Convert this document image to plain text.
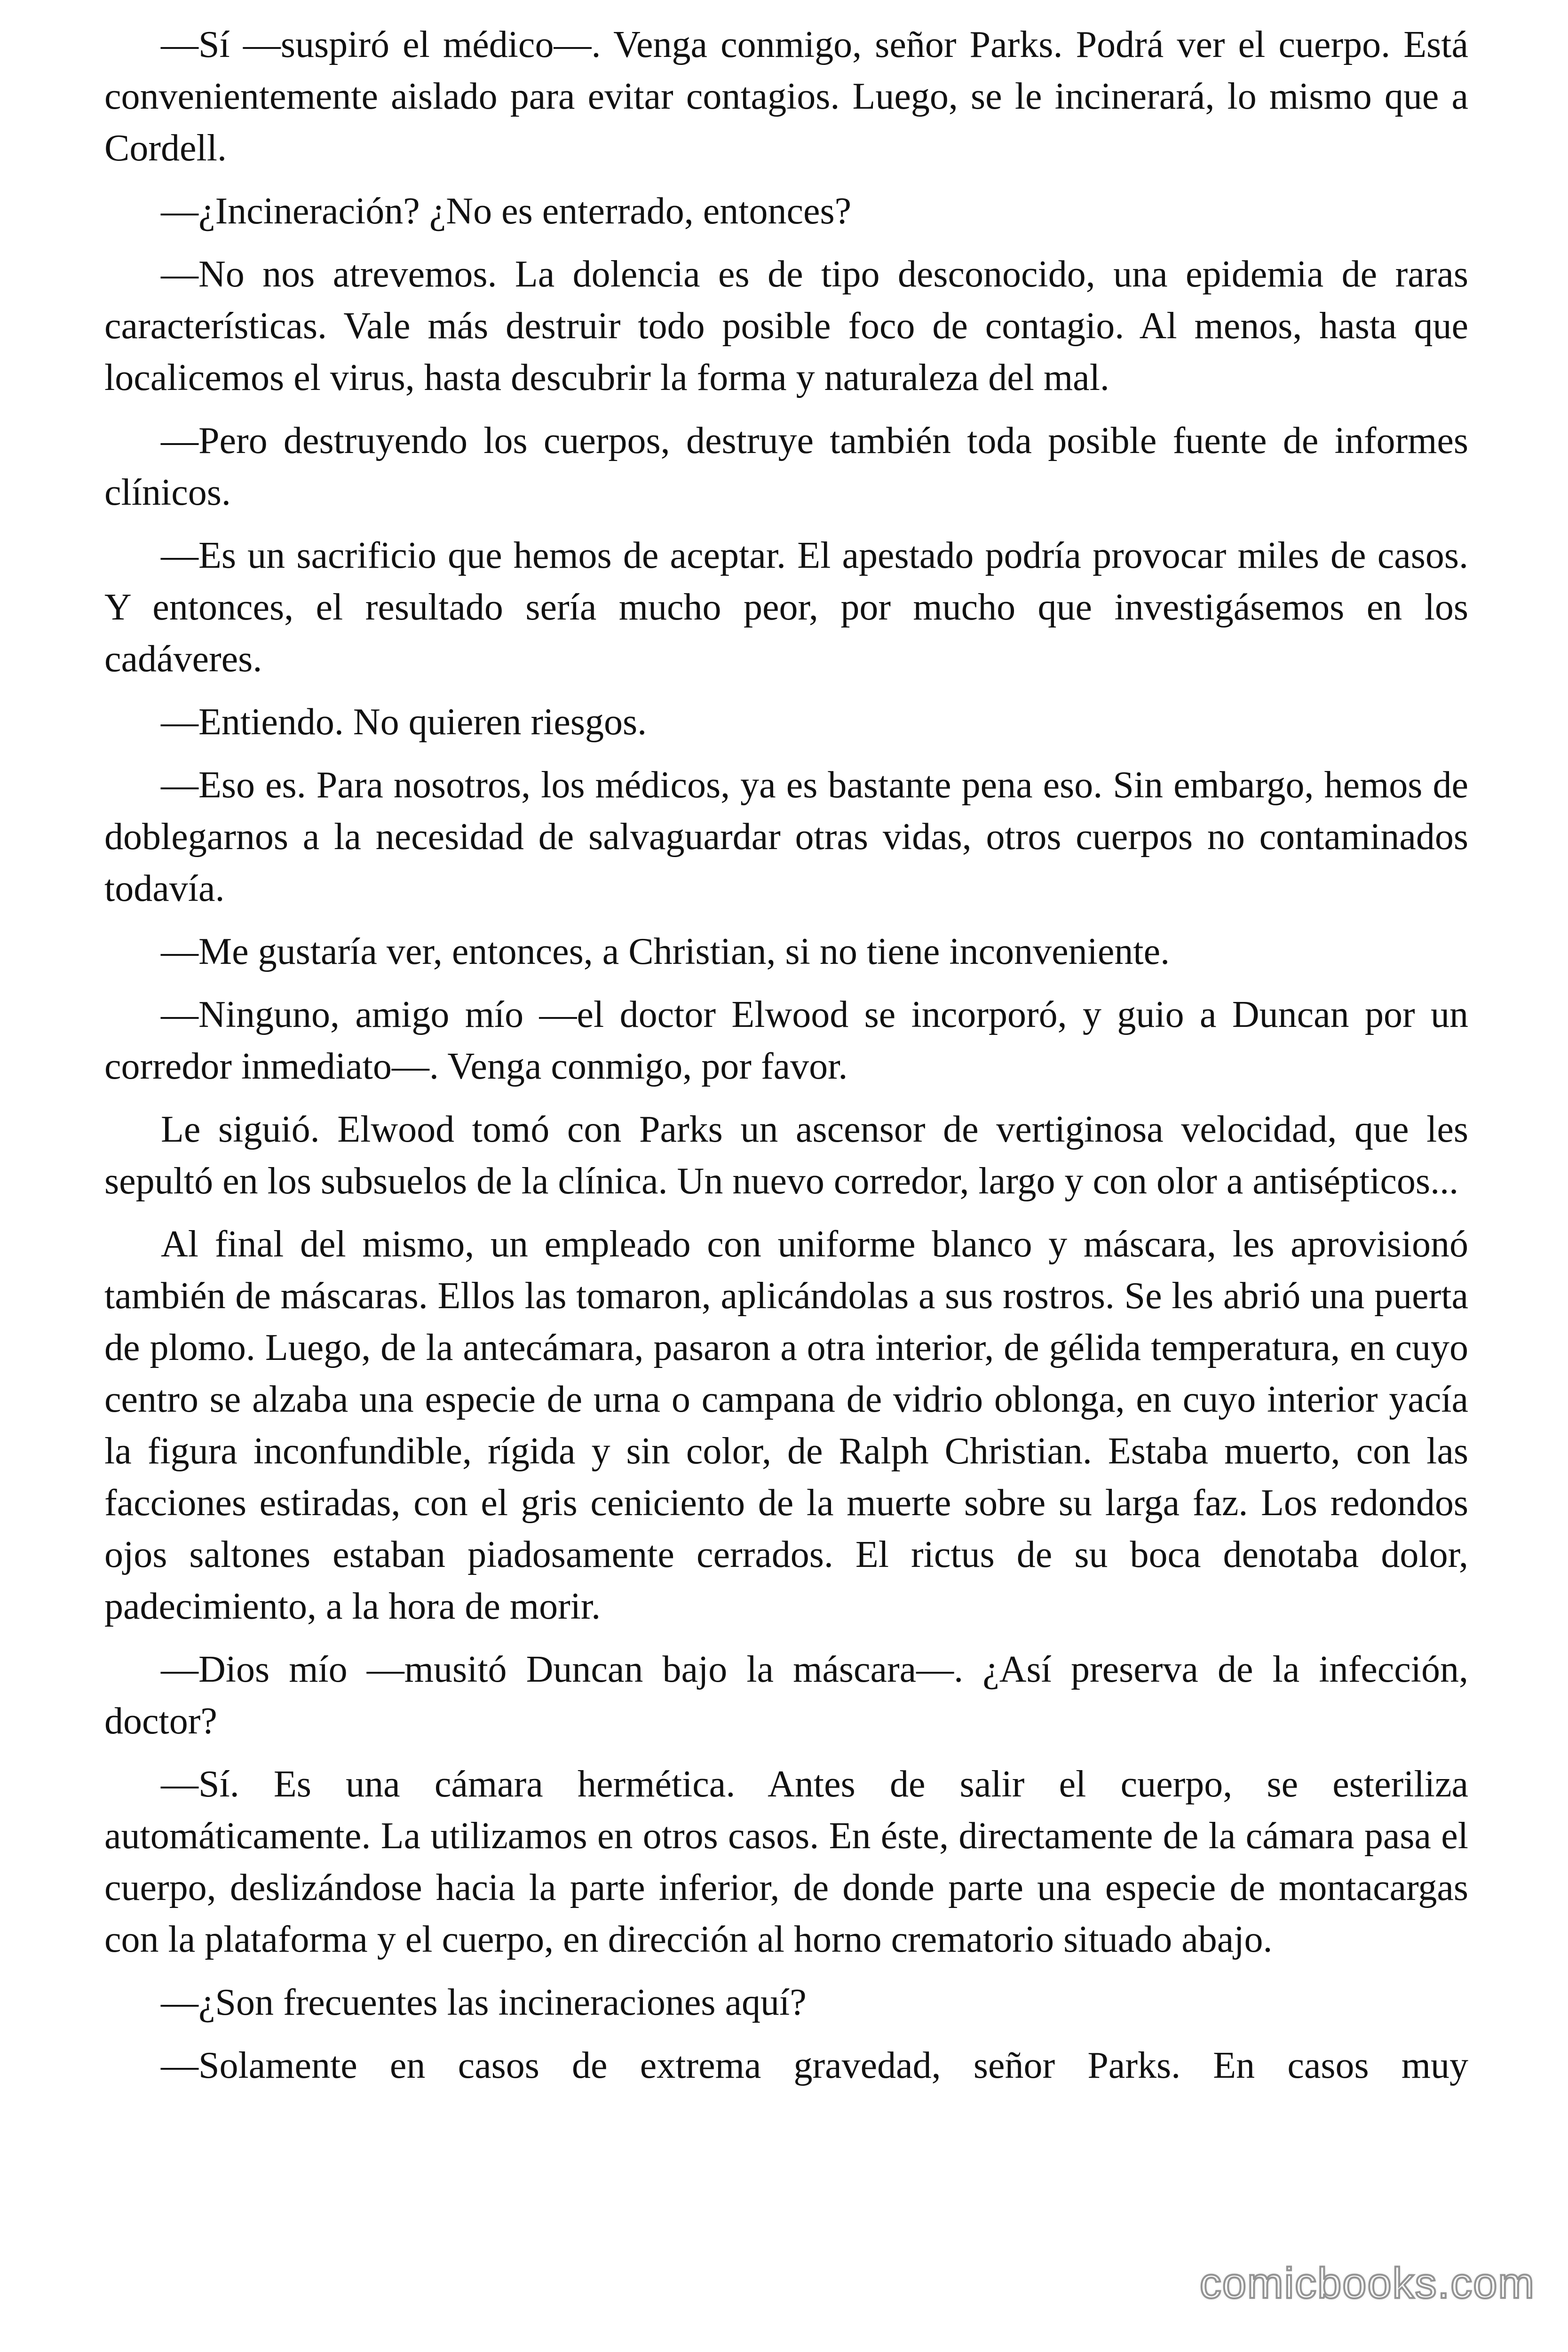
—Sí —suspiró el médico—. Venga conmigo, señor Parks. Podrá ver el cuerpo. Está convenientemente aislado para evitar contagios. Luego, se le incinerará, lo mismo que a Cordell.

—¿Incineración? ¿No es enterrado, entonces?

—No nos atrevemos. La dolencia es de tipo desconocido, una epidemia de raras características. Vale más destruir todo posible foco de contagio. Al menos, hasta que localicemos el virus, hasta descubrir la forma y naturaleza del mal.

—Pero destruyendo los cuerpos, destruye también toda posible fuente de informes clínicos.

—Es un sacrificio que hemos de aceptar. El apestado podría provocar miles de casos. Y entonces, el resultado sería mucho peor, por mucho que investigásemos en los cadáveres.

—Entiendo. No quieren riesgos.

—Eso es. Para nosotros, los médicos, ya es bastante pena eso. Sin embargo, hemos de doblegarnos a la necesidad de salvaguardar otras vidas, otros cuerpos no contaminados todavía.

—Me gustaría ver, entonces, a Christian, si no tiene inconveniente.

—Ninguno, amigo mío —el doctor Elwood se incorporó, y guio a Duncan por un corredor inmediato—. Venga conmigo, por favor.

Le siguió. Elwood tomó con Parks un ascensor de vertiginosa velocidad, que les sepultó en los subsuelos de la clínica. Un nuevo corredor, largo y con olor a antisépticos...

Al final del mismo, un empleado con uniforme blanco y máscara, les aprovisionó también de máscaras. Ellos las tomaron, aplicándolas a sus rostros. Se les abrió una puerta de plomo. Luego, de la antecámara, pasaron a otra interior, de gélida temperatura, en cuyo centro se alzaba una especie de urna o campana de vidrio oblonga, en cuyo interior yacía la figura inconfundible, rígida y sin color, de Ralph Christian. Estaba muerto, con las facciones estiradas, con el gris ceniciento de la muerte sobre su larga faz. Los redondos ojos saltones estaban piadosamente cerrados. El rictus de su boca denotaba dolor, padecimiento, a la hora de morir.

—Dios mío —musitó Duncan bajo la máscara—. ¿Así preserva de la infección, doctor?

—Sí. Es una cámara hermética. Antes de salir el cuerpo, se esteriliza automáticamente. La utilizamos en otros casos. En éste, directamente de la cámara pasa el cuerpo, deslizándose hacia la parte inferior, de donde parte una especie de montacargas con la plataforma y el cuerpo, en dirección al horno crematorio situado abajo.

—¿Son frecuentes las incineraciones aquí?

—Solamente en casos de extrema gravedad, señor Parks. En casos muy

comicbooks.com
